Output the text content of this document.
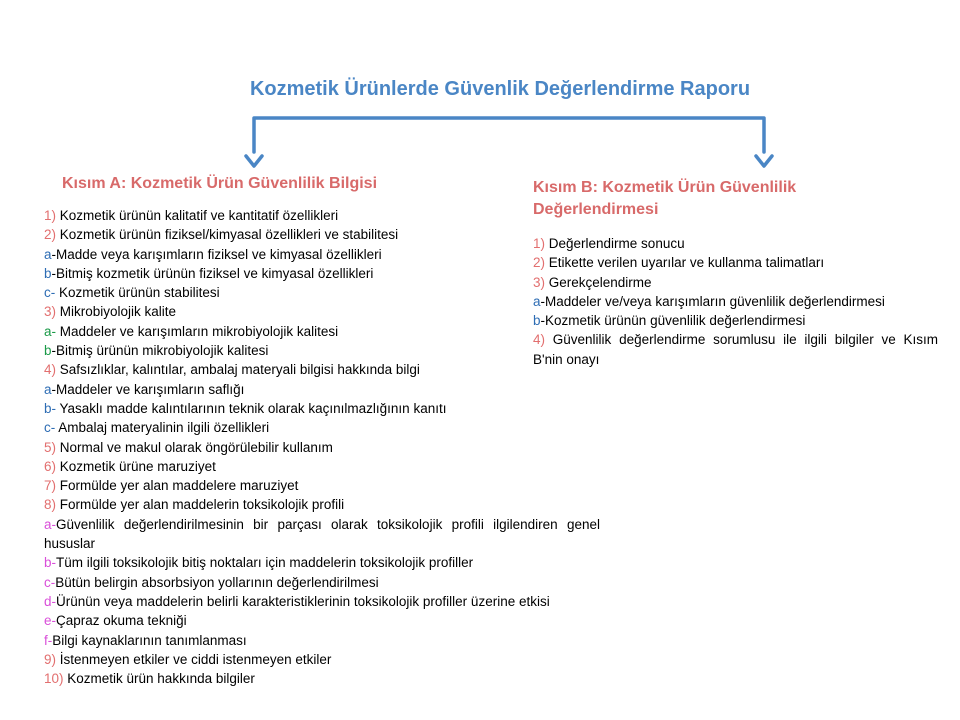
Kozmetik Ürünlerde Güvenlik Değerlendirme Raporu
Kısım A: Kozmetik Ürün Güvenlilik Bilgisi

1) Kozmetik ürünün kalitatif ve kantitatif özellikleri

2) Kozmetik ürünün fiziksel/kimyasal özellikleri ve stabilitesi

a-Madde veya karışımların fiziksel ve kimyasal özellikleri

b-Bitmiş kozmetik ürünün fiziksel ve kimyasal özellikleri

c- Kozmetik ürünün stabilitesi

3) Mikrobiyolojik kalite

a- Maddeler ve karışımların mikrobiyolojik kalitesi

b-Bitmiş ürünün mikrobiyolojik kalitesi

4) Safsızlıklar, kalıntılar, ambalaj materyali bilgisi hakkında bilgi

a-Maddeler ve karışımların saflığı

b- Yasaklı madde kalıntılarının teknik olarak kaçınılmazlığının kanıtı

c- Ambalaj materyalinin ilgili özellikleri

5) Normal ve makul olarak öngörülebilir kullanım

6) Kozmetik ürüne maruziyet

7) Formülde yer alan maddelere maruziyet

8) Formülde yer alan maddelerin toksikolojik profili

a-Güvenlilik değerlendirilmesinin bir parçası olarak toksikolojik profili ilgilendiren genel hususlar

b-Tüm ilgili toksikolojik bitiş noktaları için maddelerin toksikolojik profiller

c-Bütün belirgin absorbsiyon yollarının değerlendirilmesi

d-Ürünün veya maddelerin belirli karakteristiklerinin toksikolojik profiller üzerine etkisi

e-Çapraz okuma tekniği

f-Bilgi kaynaklarının tanımlanması

9) İstenmeyen etkiler ve ciddi istenmeyen etkiler

10) Kozmetik ürün hakkında bilgiler

Kısım B: Kozmetik Ürün Güvenlilik Değerlendirmesi

1) Değerlendirme sonucu

2) Etikette verilen uyarılar ve kullanma talimatları

3) Gerekçelendirme

a-Maddeler ve/veya karışımların güvenlilik değerlendirmesi

b-Kozmetik ürünün güvenlilik değerlendirmesi

4) Güvenlilik değerlendirme sorumlusu ile ilgili bilgiler ve Kısım B'nin onayı
